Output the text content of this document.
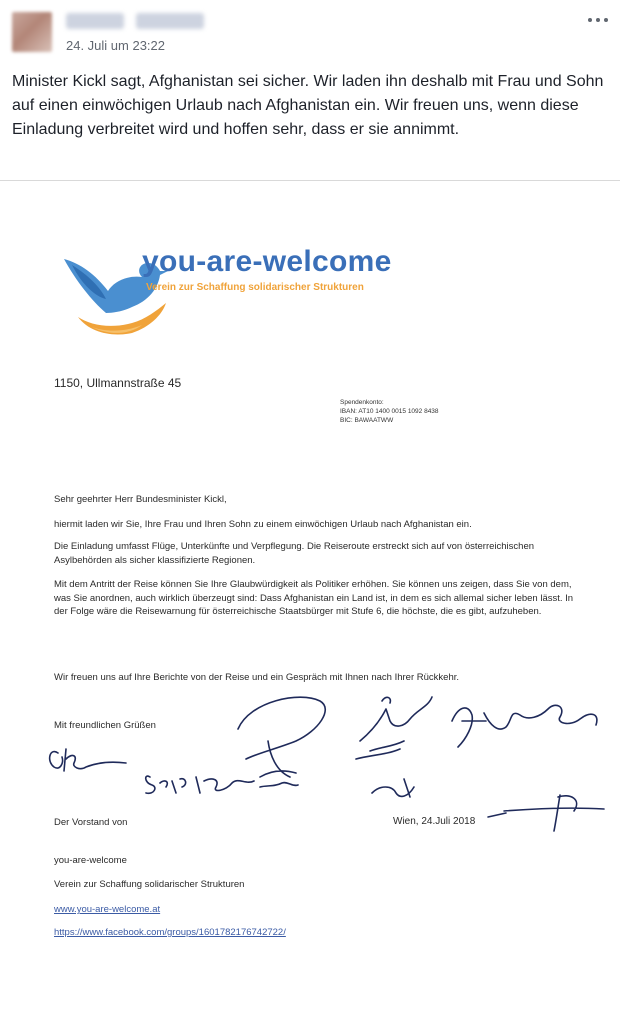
24. Juli um 23:22
Minister Kickl sagt, Afghanistan sei sicher. Wir laden ihn deshalb mit Frau und Sohn auf einen einwöchigen Urlaub nach Afghanistan ein. Wir freuen uns, wenn diese Einladung verbreitet wird und hoffen sehr, dass er sie annimmt.
you-are-welcome
Verein zur Schaffung solidarischer Strukturen
1150, Ullmannstraße 45
Spendenkonto:
IBAN: AT10 1400 0015 1092 8438
BIC: BAWAATWW
Sehr geehrter Herr Bundesminister Kickl,
hiermit laden wir Sie, Ihre Frau und Ihren Sohn zu einem einwöchigen Urlaub nach Afghanistan ein.
Die Einladung umfasst Flüge, Unterkünfte und Verpflegung. Die Reiseroute erstreckt sich auf von österreichischen Asylbehörden als sicher klassifizierte Regionen.
Mit dem Antritt der Reise können Sie Ihre Glaubwürdigkeit als Politiker erhöhen. Sie können uns zeigen, dass Sie von dem, was Sie anordnen, auch wirklich überzeugt sind: Dass Afghanistan ein Land ist, in dem es sich allemal sicher leben lässt. In der Folge wäre die Reisewarnung für österreichische Staatsbürger mit Stufe 6, die höchste, die es gibt, aufzuheben.
Wir freuen uns auf Ihre Berichte von der Reise und ein Gespräch mit Ihnen nach Ihrer Rückkehr.
Mit freundlichen Grüßen
Der Vorstand von	Wien, 24.Juli 2018
you-are-welcome
Verein zur Schaffung solidarischer Strukturen
www.you-are-welcome.at
https://www.facebook.com/groups/1601782176742722/
